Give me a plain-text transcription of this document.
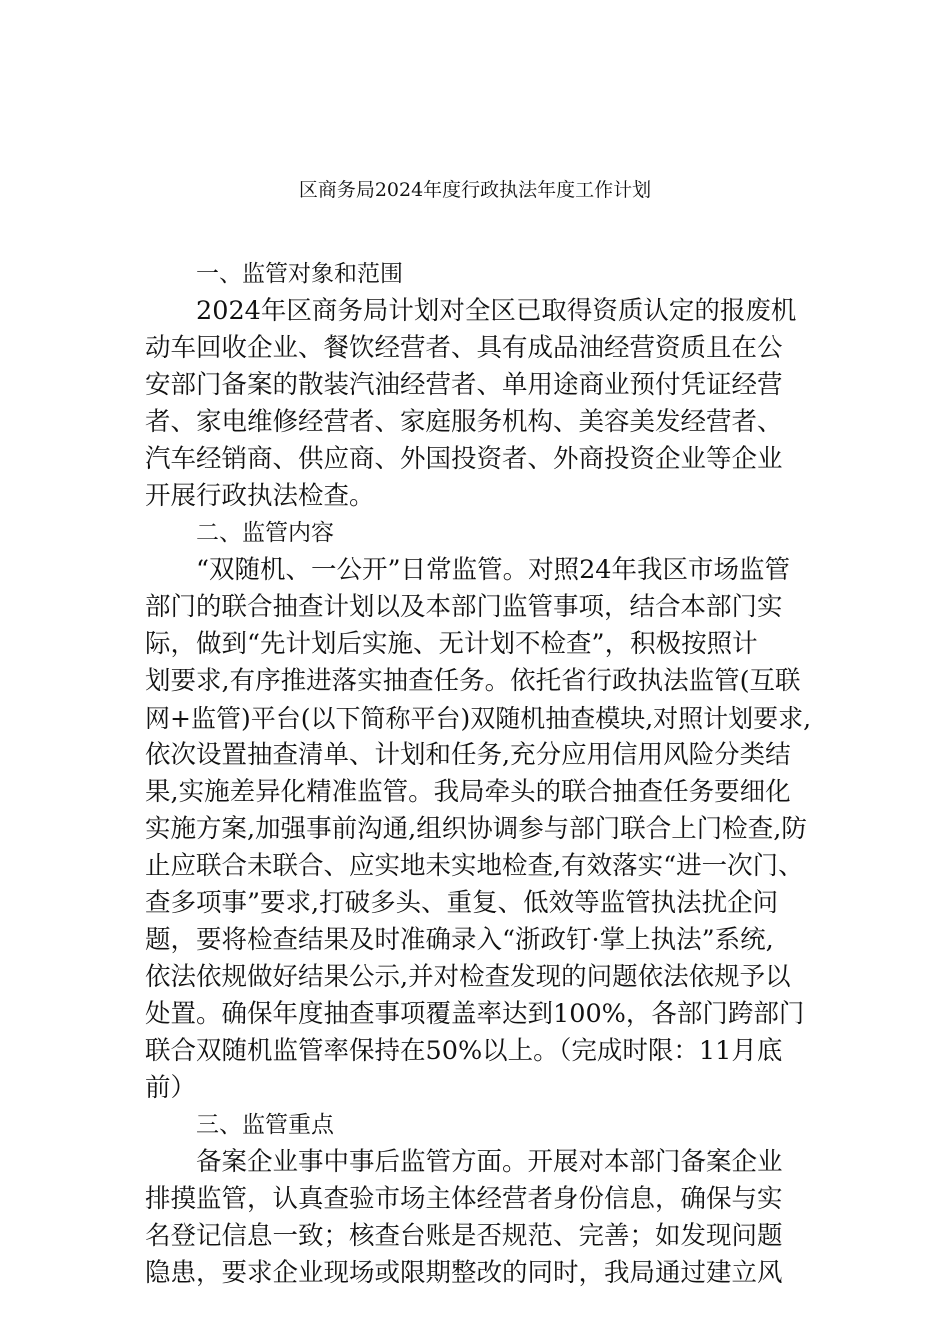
区商务局2024年度行政执法年度工作计划
一、监管对象和范围
2024年区商务局计划对全区已取得资质认定的报废机
动车回收企业、餐饮经营者、具有成品油经营资质且在公
安部门备案的散装汽油经营者、单用途商业预付凭证经营
者、家电维修经营者、家庭服务机构、美容美发经营者、
汽车经销商、供应商、外国投资者、外商投资企业等企业
开展行政执法检查。
二、监管内容
“双随机、一公开”日常监管。对照24年我区市场监管
部门的联合抽查计划以及本部门监管事项，结合本部门实
际，做到“先计划后实施、无计划不检查”，积极按照计
划要求,有序推进落实抽查任务。依托省行政执法监管(互联
网+监管)平台(以下简称平台)双随机抽查模块,对照计划要求,
依次设置抽查清单、计划和任务,充分应用信用风险分类结
果,实施差异化精准监管。我局牵头的联合抽查任务要细化
实施方案,加强事前沟通,组织协调参与部门联合上门检查,防
止应联合未联合、应实地未实地检查,有效落实“进一次门、
查多项事”要求,打破多头、重复、低效等监管执法扰企问
题，要将检查结果及时准确录入“浙政钉·掌上执法”系统,
依法依规做好结果公示,并对检查发现的问题依法依规予以
处置。确保年度抽查事项覆盖率达到100%，各部门跨部门
联合双随机监管率保持在50%以上。（完成时限：11月底
前）
三、监管重点
备案企业事中事后监管方面。开展对本部门备案企业
排摸监管，认真查验市场主体经营者身份信息，确保与实
名登记信息一致；核查台账是否规范、完善；如发现问题
隐患，要求企业现场或限期整改的同时，我局通过建立风
